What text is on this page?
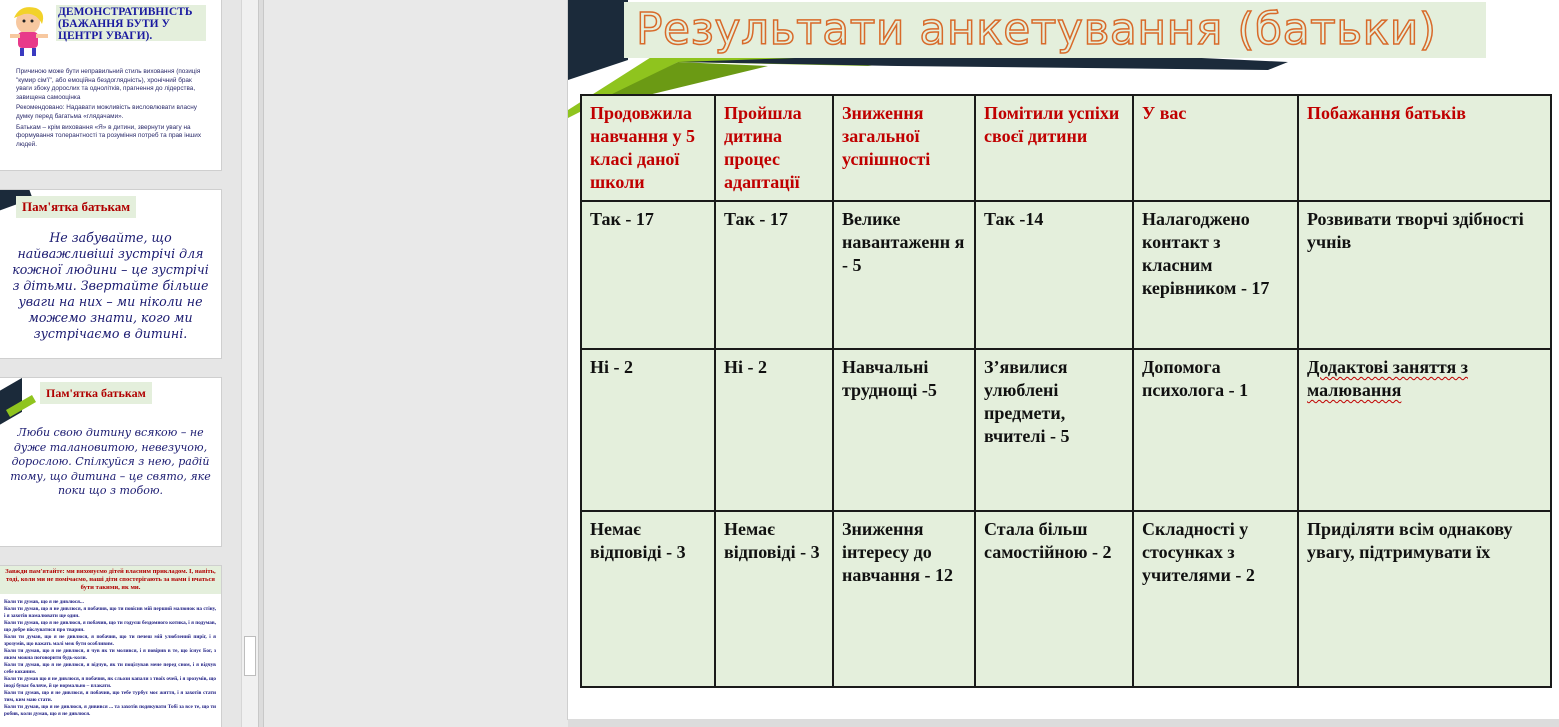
ДЕМОНСТРАТИВНІСТЬ (БАЖАННЯ БУТИ У ЦЕНТРІ УВАГИ).

Причиною може бути неправильний стиль виховання (позиція "кумир сім'ї", або емоційна бездоглядність), хронічний брак уваги збоку дорослих та однолітків, прагнення до лідерства, завищена самооцінка

Рекомендовано: Надавати можливість висловлювати власну думку перед багатьма «глядачами».

Батькам – крім виховання «Я» в дитини, звернути увагу на формування толерантності та розуміння потреб та прав інших людей.

Пам'ятка батькам
Не забувайте, що найважливіші зустрічі для кожної людини – це зустрічі з дітьми. Звертайте більше уваги на них – ми ніколи не можемо знати, кого ми зустрічаємо в дитині.
Пам'ятка батькам
Люби свою дитину всякою – не дуже талановитою, невезучою, дорослою. Спілкуйся з нею, радій тому, що дитина – це свято, яке поки що з тобою.
Завжди пам'ятайте: ми виховуємо дітей власним прикладом. І, навіть, тоді, коли ми не помічаємо, наші діти спостерігають за нами і вчаться бути такими, як ми.

Коли ти думав, що я не дивлюся...

Коли ти думав, що я не дивлюся, я побачив, що ти повісив мій перший малюнок на стіну, і я захотів намалювати ще один.

Коли ти думав, що я не дивлюся, я побачив, що ти годуєш бездомного котика, і я подумав, що добре піклуватися про тварин.

Коли ти думав, що я не дивлюся, я побачив, що ти печеш мій улюблений пиріг, і я зрозумів, що важать малі меж бути особливим.

Коли ти думав, що я не дивлюся, я чув як ти молився, і я повірив в те, що існує Бог, з яким можна поговорити будь-коли.

Коли ти думав, що я не дивлюся, я відчув, як ти поцілував мене перед сном, і я відчув себе коханим.

Коли ти думав що я не дивлюся, я побачив, як сльози капали з твоїх очей, і я зрозумів, що іноді буває боляче, й це нормально – плакати.

Коли ти думав, що я не дивлюся, я побачив, що тебе турбує моє життя, і я захотів стати тим, ким маю стати.

Коли ти думав, що я не дивлюся, я дивився ... та захотів подякувати Тобі за все те, що ти робив, коли думав, що я не дивлюся.

Результати анкетування (батьки)
Продовжила навчання у 5 класі даної школи	Пройшла дитина процес адаптації	Зниження загальної успішності	Помітили успіхи своєї дитини	У вас	Побажання батьків
Так - 17	Так - 17	Велике навантаженн я - 5	Так -14	Налагоджено контакт з класним керівником - 17	Розвивати творчі здібності учнів
Ні - 2	Ні - 2	Навчальні труднощі -5	З’явилися улюблені предмети, вчителі - 5	Допомога психолога - 1	Додактові заняття з малювання
Немає відповіді - 3	Немає відповіді - 3	Зниження інтересу до навчання - 12	Стала більш самостійною - 2	Складності у стосунках з учителями - 2	Приділяти всім однакову увагу, підтримувати їх
